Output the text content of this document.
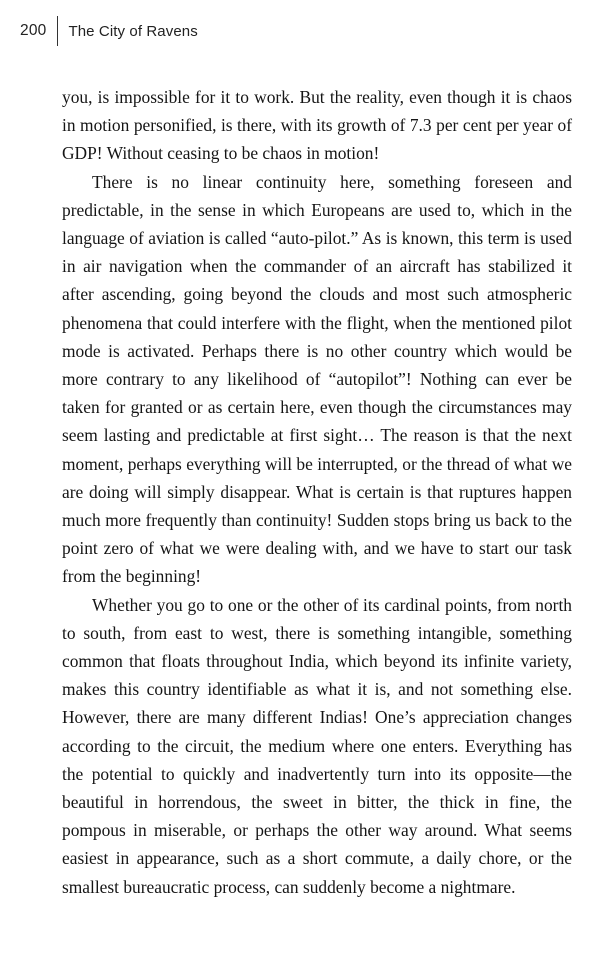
200 The City of Ravens

you, is impossible for it to work. But the reality, even though it is chaos in motion personified, is there, with its growth of 7.3 per cent per year of GDP! Without ceasing to be chaos in motion!

There is no linear continuity here, something foreseen and predictable, in the sense in which Europeans are used to, which in the language of aviation is called “auto-pilot.” As is known, this term is used in air navigation when the commander of an aircraft has stabilized it after ascending, going beyond the clouds and most such atmospheric phenomena that could interfere with the flight, when the mentioned pilot mode is activated. Perhaps there is no other country which would be more contrary to any likelihood of “autopilot”! Nothing can ever be taken for granted or as certain here, even though the circumstances may seem lasting and predictable at first sight… The reason is that the next moment, perhaps everything will be interrupted, or the thread of what we are doing will simply disappear. What is certain is that ruptures happen much more frequently than continuity! Sudden stops bring us back to the point zero of what we were dealing with, and we have to start our task from the beginning!

Whether you go to one or the other of its cardinal points, from north to south, from east to west, there is something intangible, something common that floats throughout India, which beyond its infinite variety, makes this country identifiable as what it is, and not something else. However, there are many different Indias! One’s appreciation changes according to the circuit, the medium where one enters. Everything has the potential to quickly and inadvertently turn into its opposite—the beautiful in horrendous, the sweet in bitter, the thick in fine, the pompous in miserable, or perhaps the other way around. What seems easiest in appearance, such as a short commute, a daily chore, or the smallest bureaucratic process, can suddenly become a nightmare.
